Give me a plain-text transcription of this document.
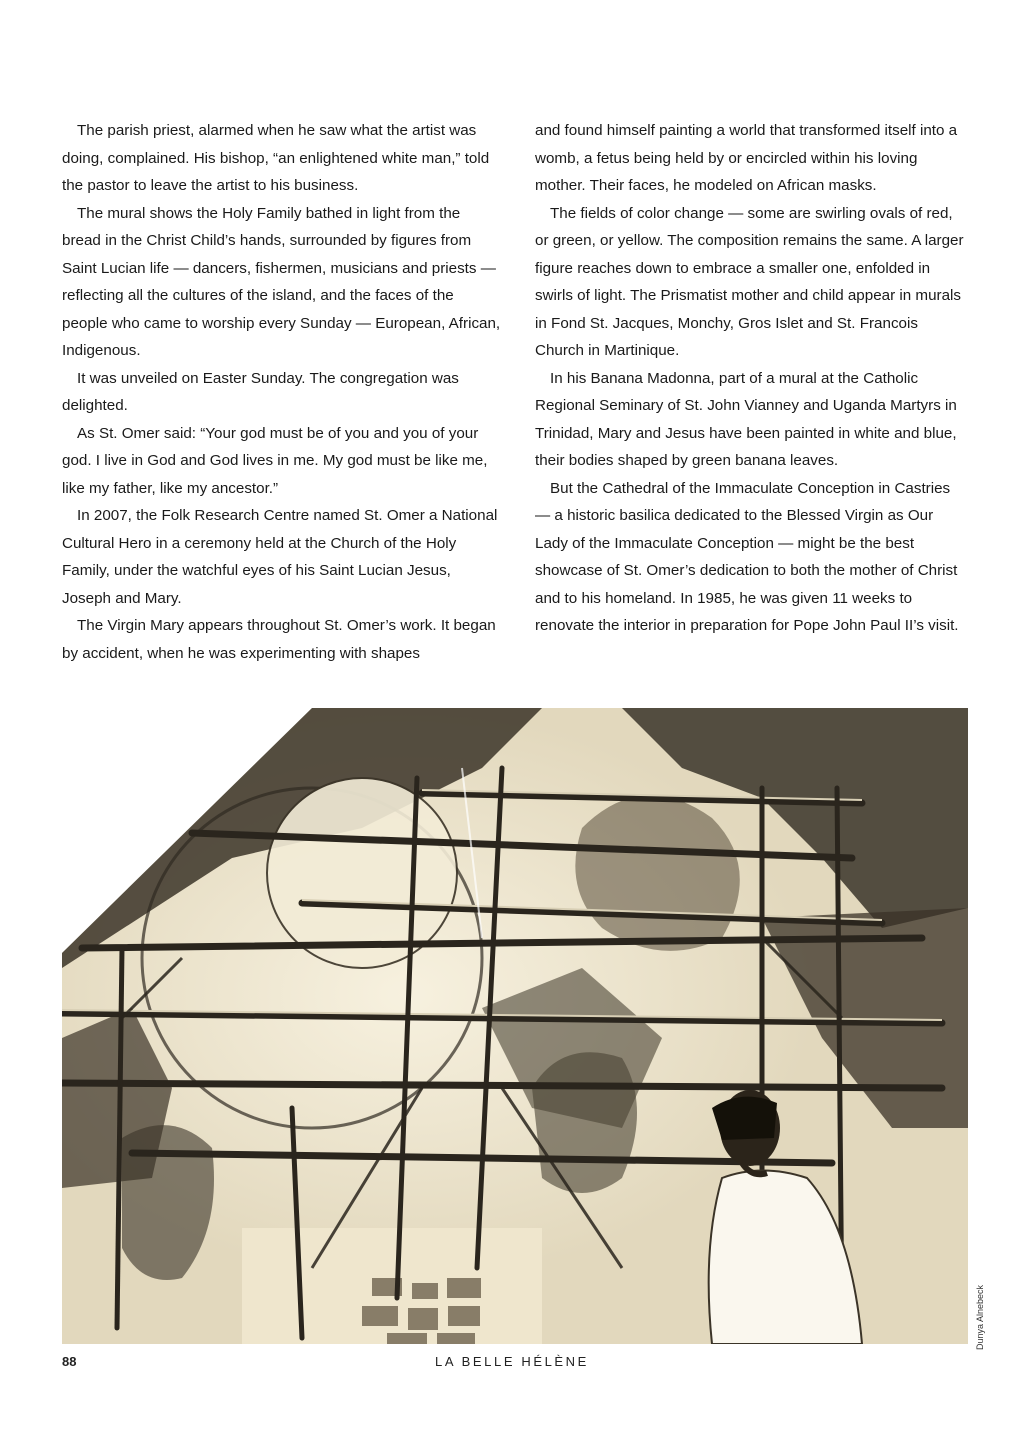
The parish priest, alarmed when he saw what the artist was doing, complained. His bishop, “an enlightened white man,” told the pastor to leave the artist to his business.

The mural shows the Holy Family bathed in light from the bread in the Christ Child’s hands, surrounded by figures from Saint Lucian life — dancers, fishermen, musicians and priests — reflecting all the cultures of the island, and the faces of the people who came to worship every Sunday — European, African, Indigenous.

It was unveiled on Easter Sunday. The congregation was delighted.

As St. Omer said: “Your god must be of you and you of your god. I live in God and God lives in me. My god must be like me, like my father, like my ancestor.”

In 2007, the Folk Research Centre named St. Omer a National Cultural Hero in a ceremony held at the Church of the Holy Family, under the watchful eyes of his Saint Lucian Jesus, Joseph and Mary.

The Virgin Mary appears throughout St. Omer’s work. It began by accident, when he was experimenting with shapes

and found himself painting a world that transformed itself into a womb, a fetus being held by or encircled within his loving mother. Their faces, he modeled on African masks.

The fields of color change — some are swirling ovals of red, or green, or yellow. The composition remains the same. A larger figure reaches down to embrace a smaller one, enfolded in swirls of light. The Prismatist mother and child appear in murals in Fond St. Jacques, Monchy, Gros Islet and St. Francois Church in Martinique.

In his Banana Madonna, part of a mural at the Catholic Regional Seminary of St. John Vianney and Uganda Martyrs in Trinidad, Mary and Jesus have been painted in white and blue, their bodies shaped by green banana leaves.

But the Cathedral of the Immaculate Conception in Castries — a historic basilica dedicated to the Blessed Virgin as Our Lady of the Immaculate Conception — might be the best showcase of St. Omer’s dedication to both the mother of Christ and to his homeland. In 1985, he was given 11 weeks to renovate the interior in preparation for Pope John Paul II’s visit.

Dunya Alnebeck
88	LA BELLE HÉLÈNE
